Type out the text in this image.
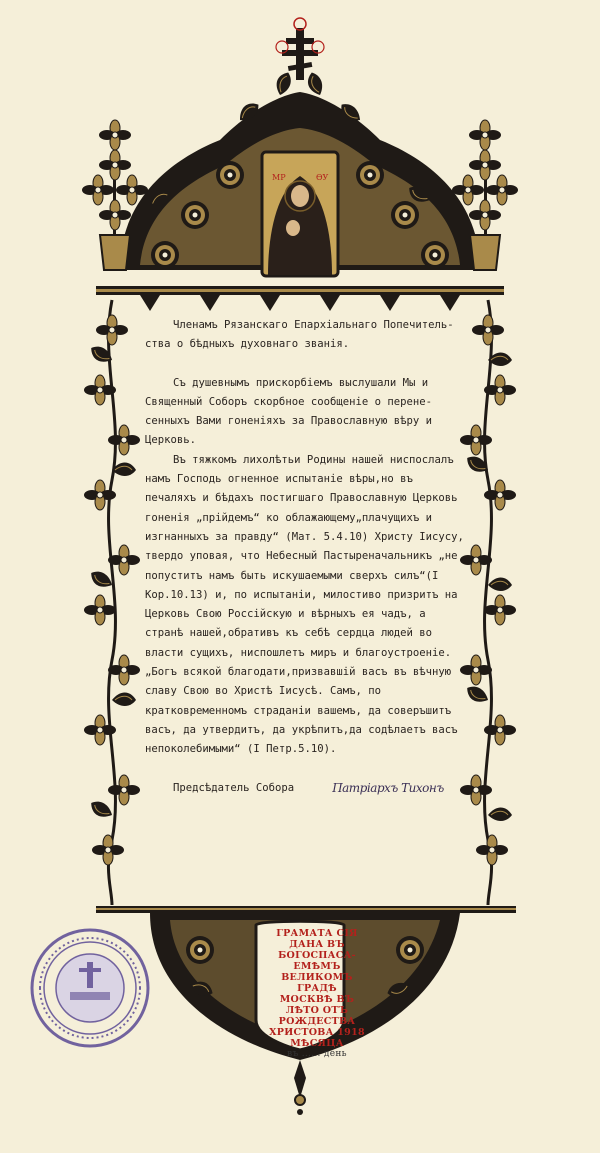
МР	ѲУ

Членамъ Рязанскаго Епархіальнаго Попечительства о бѣдныхъ духовнаго званія.

Съ душевнымъ прискорбіемъ выслушали Мы и Священный Соборъ скорбное сообщеніе о перенесенныхъ Вами гоненіяхъ за Православную вѣру и Церковь.

Въ тяжкомъ лихолѣтьи Родины нашей ниспослалъ намъ Господь огненное испытаніе вѣры,но въ печаляхъ и бѣдахъ постигшаго Православную Церковь гоненія „прійдемъ“ ко облажающему„плачущихъ и изгнанныхъ за правду“ (Мат. 5.4.10) Христу Іисусу, твердо уповая, что Небесный Пастыреначальникъ „не попуститъ намъ быть искушаемыми сверхъ силъ“(I Кор.10.13) и, по испытаніи, милостиво призритъ на Церковь Свою Россійскую и вѣрныхъ ея чадъ, а странѣ нашей,обративъ къ себѣ сердца людей во власти сущихъ, ниспошлетъ миръ и благоустроеніе.

„Богъ всякой благодати,призвавшій васъ въ вѣчную славу Свою во Христѣ Іисусѣ. Самъ, по кратковременномъ страданіи вашемъ, да соверъшитъ васъ, да утвердитъ, да укрѣпитъ,да содѣлаетъ васъ непоколебимыми“ (I Петр.5.10).

Предсѣдатель Собора	Патріархъ Тихонъ
ГРАМАТА СІЯ
ДАНА ВЪ БОГОСПАСА-
ЕМѢМЪ ВЕЛИКОМЪ ГРАДѢ
МОСКВѢ ВЪ ЛѢТО ОТЪ
РОЖДЕСТВА ХРИСТОВА 1918
МѢСЯЦА
въ ...... день
